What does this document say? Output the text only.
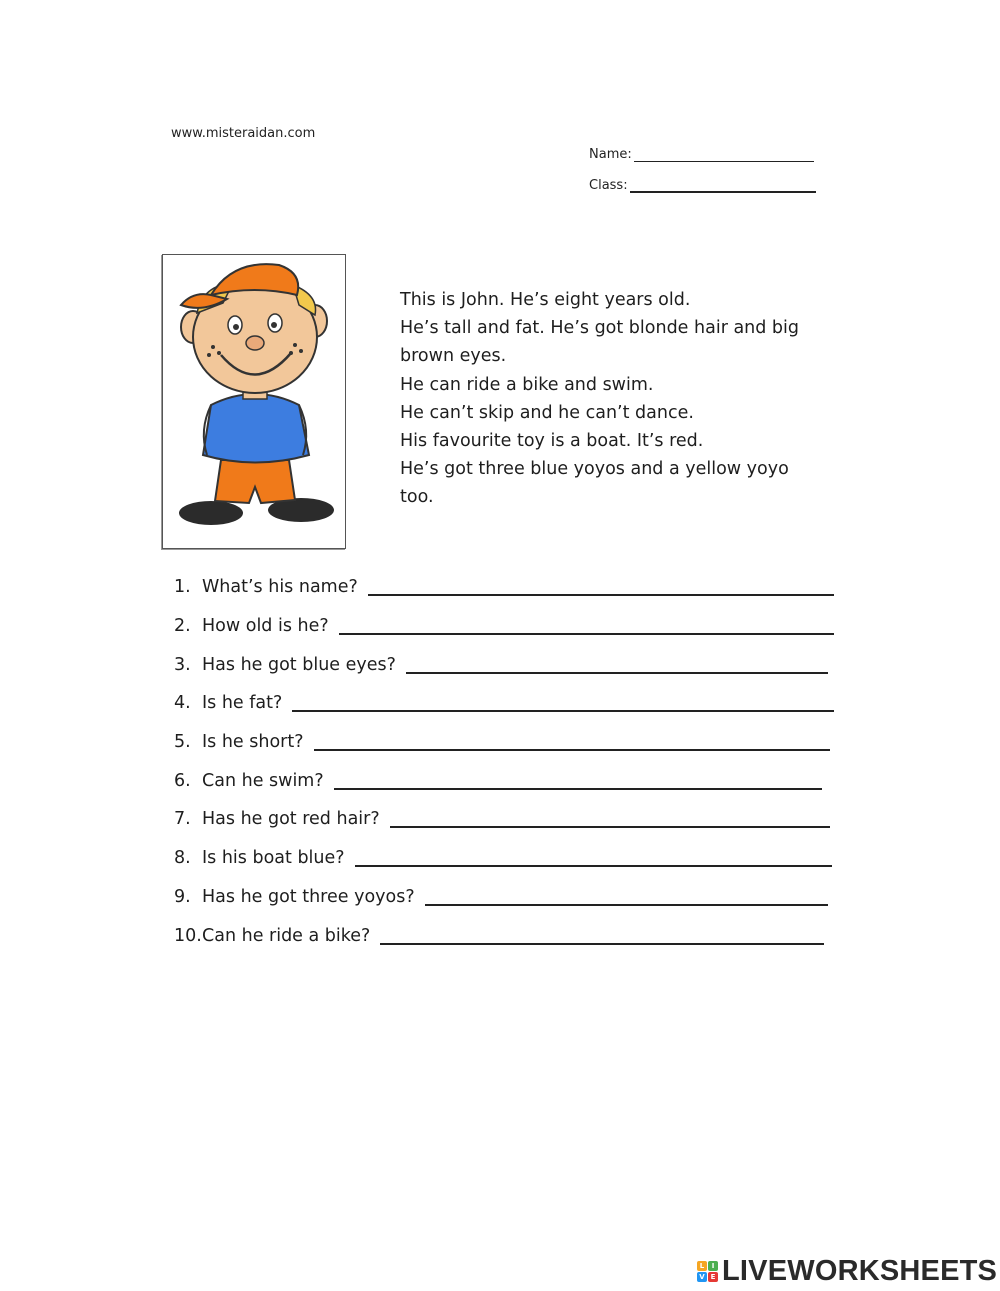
www.misteraidan.com
Name:
Class:
This is John. He’s eight years old.
He’s tall and fat. He’s got blonde hair and big
brown eyes.
He can ride a bike and swim.
He can’t skip and he can’t dance.
His favourite toy is a boat. It’s red.
He’s got three blue yoyos and a yellow yoyo
too.
1. What’s his name?
2. How old is he?
3. Has he got blue eyes?
4. Is he fat?
5. Is he short?
6. Can he swim?
7. Has he got red hair?
8. Is his boat blue?
9. Has he got three yoyos?
10. Can he ride a bike?
L	I
V E LIVEWORKSHEETS
